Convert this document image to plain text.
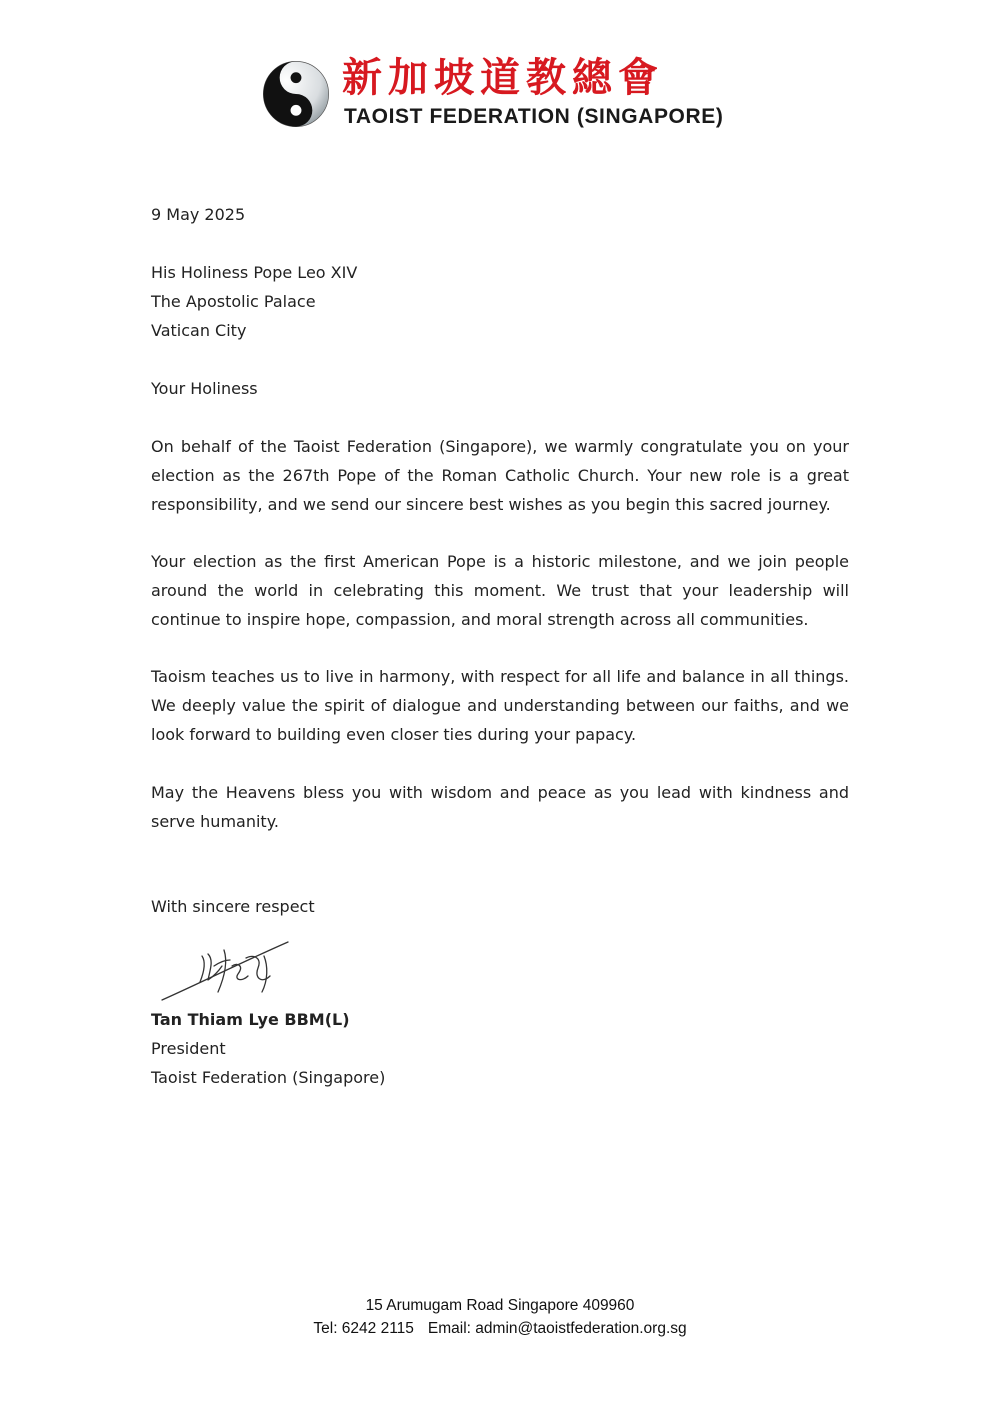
新加坡道教總會
TAOIST FEDERATION (SINGAPORE)
9 May 2025
His Holiness Pope Leo XIV
The Apostolic Palace
Vatican City
Your Holiness

On behalf of the Taoist Federation (Singapore), we warmly congratulate you on your election as the 267th Pope of the Roman Catholic Church. Your new role is a great responsibility, and we send our sincere best wishes as you begin this sacred journey.

Your election as the first American Pope is a historic milestone, and we join people around the world in celebrating this moment. We trust that your leadership will continue to inspire hope, compassion, and moral strength across all communities.

Taoism teaches us to live in harmony, with respect for all life and balance in all things. We deeply value the spirit of dialogue and understanding between our faiths, and we look forward to building even closer ties during your papacy.

May the Heavens bless you with wisdom and peace as you lead with kindness and serve humanity.

With sincere respect
Tan Thiam Lye BBM(L)
President
Taoist Federation (Singapore)
15 Arumugam Road Singapore 409960
Tel: 6242 2115 Email: admin@taoistfederation.org.sg
